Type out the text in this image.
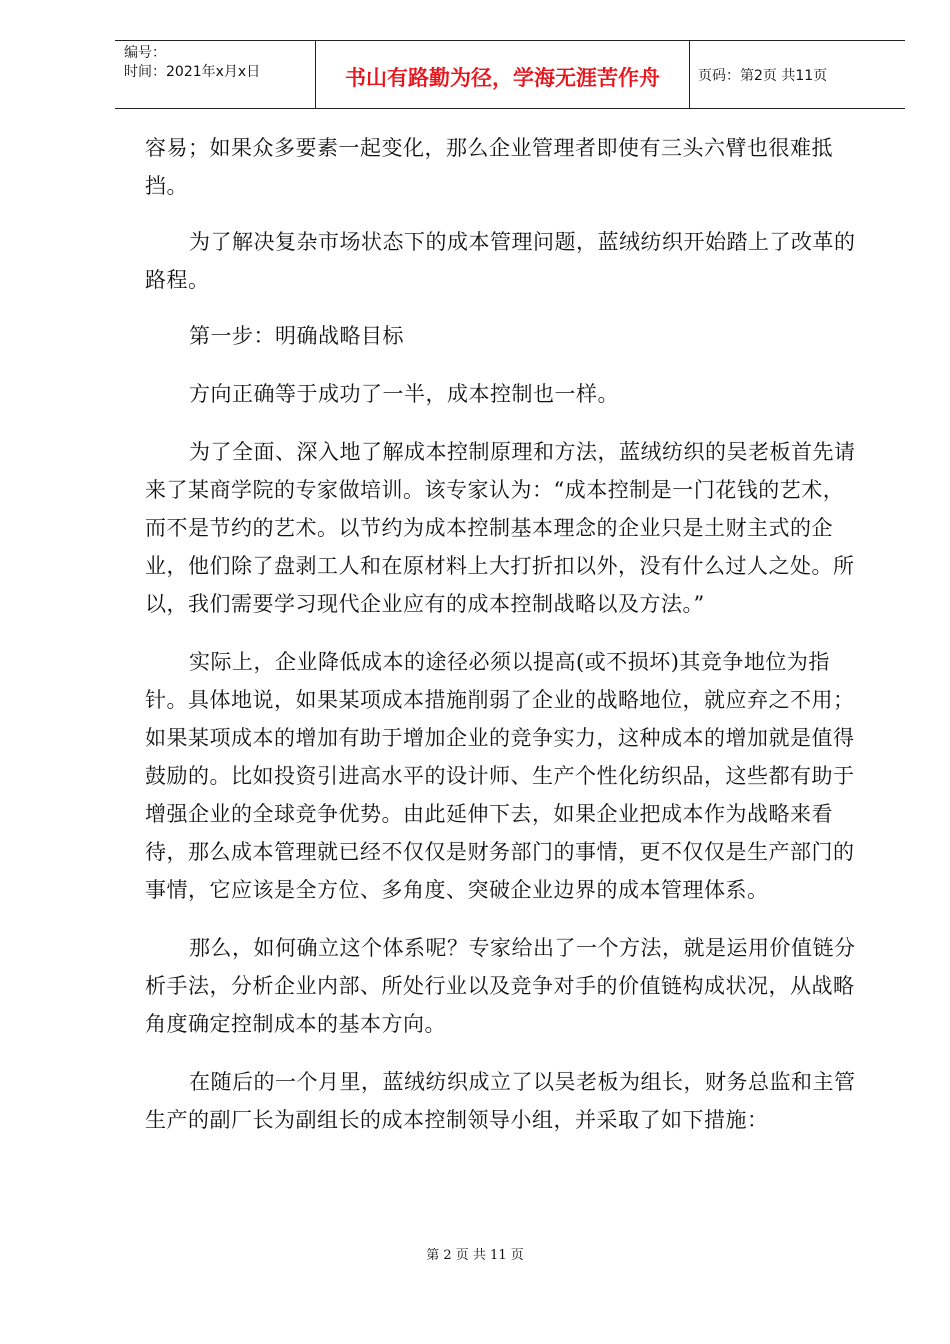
编号：
时间：2021年x月x日	书山有路勤为径，学海无涯苦作舟	页码：第2页 共11页

容易；如果众多要素一起变化，那么企业管理者即使有三头六臂也很难抵挡。

为了解决复杂市场状态下的成本管理问题，蓝绒纺织开始踏上了改革的路程。

第一步：明确战略目标

方向正确等于成功了一半，成本控制也一样。

为了全面、深入地了解成本控制原理和方法，蓝绒纺织的吴老板首先请来了某商学院的专家做培训。该专家认为：“成本控制是一门花钱的艺术，而不是节约的艺术。以节约为成本控制基本理念的企业只是土财主式的企业，他们除了盘剥工人和在原材料上大打折扣以外，没有什么过人之处。所以，我们需要学习现代企业应有的成本控制战略以及方法。”

实际上，企业降低成本的途径必须以提高(或不损坏)其竞争地位为指针。具体地说，如果某项成本措施削弱了企业的战略地位，就应弃之不用；如果某项成本的增加有助于增加企业的竞争实力，这种成本的增加就是值得鼓励的。比如投资引进高水平的设计师、生产个性化纺织品，这些都有助于增强企业的全球竞争优势。由此延伸下去，如果企业把成本作为战略来看待，那么成本管理就已经不仅仅是财务部门的事情，更不仅仅是生产部门的事情，它应该是全方位、多角度、突破企业边界的成本管理体系。

那么，如何确立这个体系呢？专家给出了一个方法，就是运用价值链分析手法，分析企业内部、所处行业以及竞争对手的价值链构成状况，从战略角度确定控制成本的基本方向。

在随后的一个月里，蓝绒纺织成立了以吴老板为组长，财务总监和主管生产的副厂长为副组长的成本控制领导小组，并采取了如下措施：

第 2 页 共 11 页
